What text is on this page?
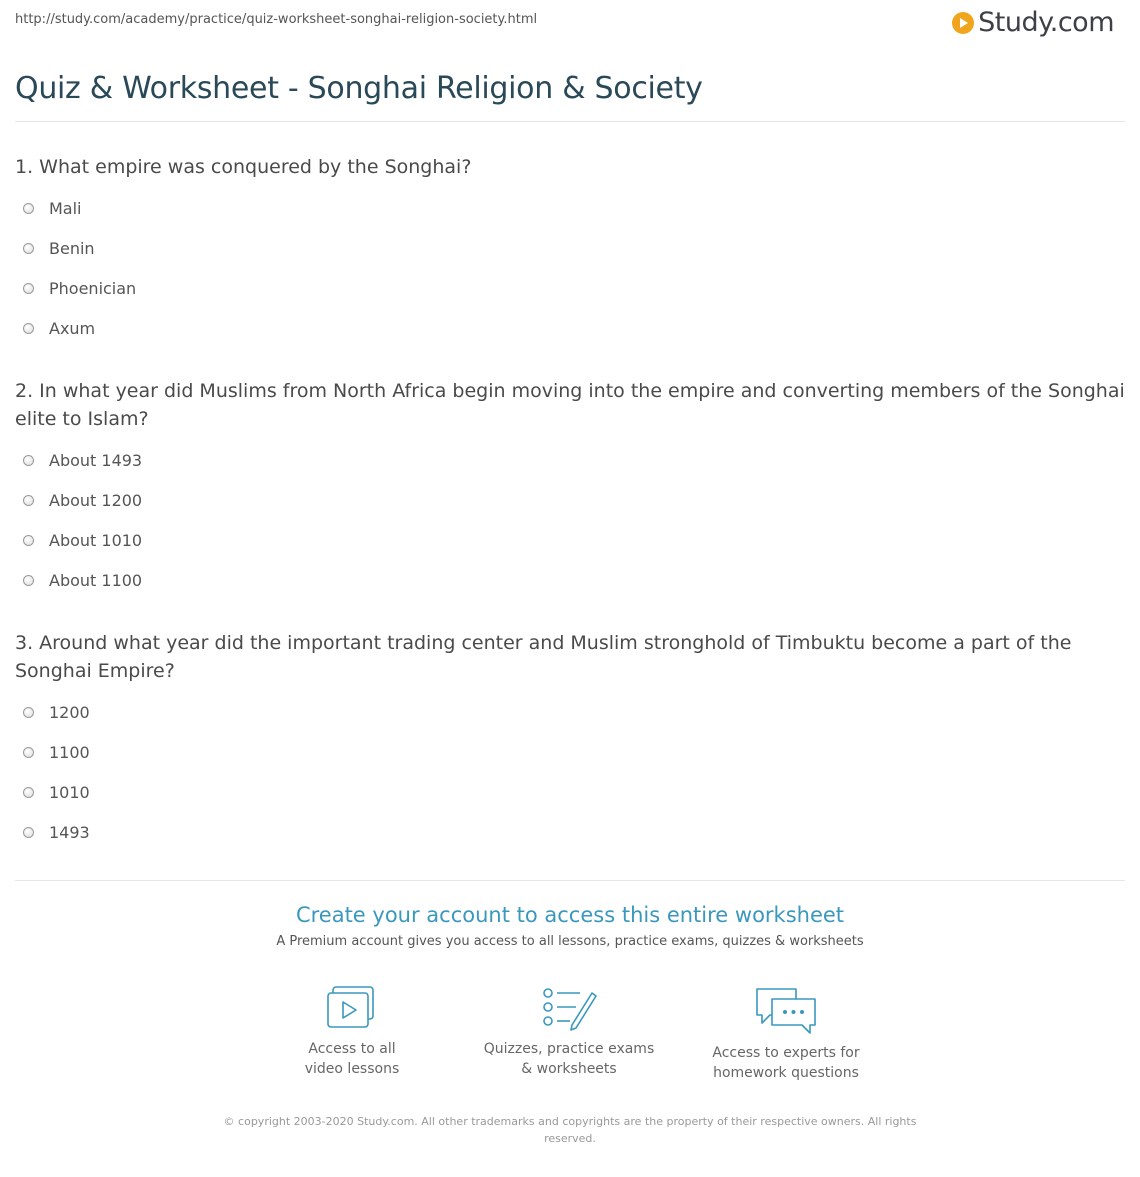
http://study.com/academy/practice/quiz-worksheet-songhai-religion-society.html	Study.com
Quiz & Worksheet - Songhai Religion & Society
1. What empire was conquered by the Songhai?
Mali
Benin
Phoenician
Axum
2. In what year did Muslims from North Africa begin moving into the empire and converting members of the Songhai elite to Islam?
About 1493
About 1200
About 1010
About 1100
3. Around what year did the important trading center and Muslim stronghold of Timbuktu become a part of the Songhai Empire?
1200
1100
1010
1493
Create your account to access this entire worksheet
A Premium account gives you access to all lessons, practice exams, quizzes & worksheets
Access to all
video lessons
Quizzes, practice exams
& worksheets
Access to experts for
homework questions
© copyright 2003-2020 Study.com. All other trademarks and copyrights are the property of their respective owners. All rights reserved.
